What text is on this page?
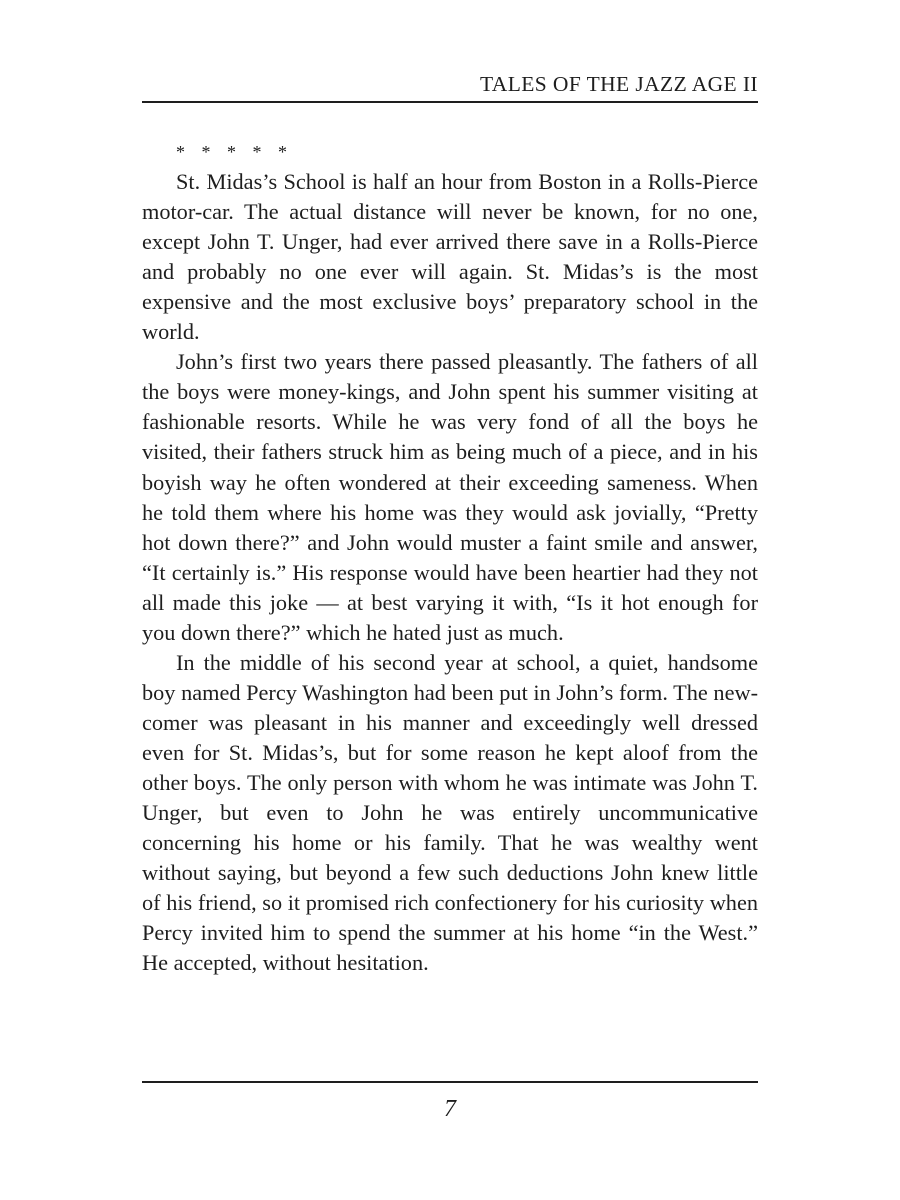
TALES OF THE JAZZ AGE II

* * * * *

St. Midas’s School is half an hour from Boston in a Rolls-Pierce motor-car. The actual distance will never be known, for no one, except John T. Unger, had ever arrived there save in a Rolls-Pierce and probably no one ever will again. St. Midas’s is the most expensive and the most exclusive boys’ preparatory school in the world.

John’s first two years there passed pleasantly. The fathers of all the boys were money-kings, and John spent his summer visiting at fashionable resorts. While he was very fond of all the boys he visited, their fathers struck him as being much of a piece, and in his boyish way he often wondered at their exceeding sameness. When he told them where his home was they would ask jovially, “Pretty hot down there?” and John would muster a faint smile and answer, “It certainly is.” His response would have been heartier had they not all made this joke — at best varying it with, “Is it hot enough for you down there?” which he hated just as much.

In the middle of his second year at school, a quiet, handsome boy named Percy Washington had been put in John’s form. The new-comer was pleasant in his manner and exceedingly well dressed even for St. Midas’s, but for some reason he kept aloof from the other boys. The only person with whom he was intimate was John T. Unger, but even to John he was entirely uncommunicative concerning his home or his family. That he was wealthy went without saying, but beyond a few such deductions John knew little of his friend, so it promised rich confectionery for his curiosity when Percy invited him to spend the summer at his home “in the West.” He accepted, without hesitation.

7
